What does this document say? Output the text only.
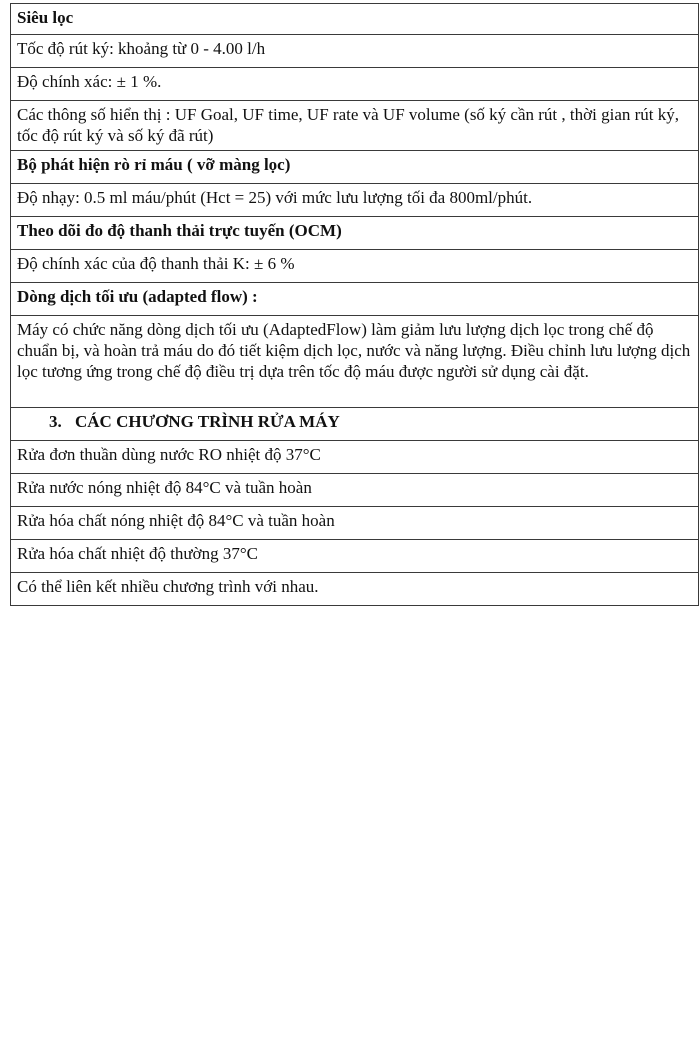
Siêu lọc
Tốc độ rút ký: khoảng từ 0 - 4.00 l/h
Độ chính xác: ± 1 %.
Các thông số hiển thị : UF Goal, UF time, UF rate và UF volume (số ký cần rút , thời gian rút ký, tốc độ rút ký và số ký đã rút)
Bộ phát hiện rò rỉ máu ( vỡ màng lọc)
Độ nhạy: 0.5 ml máu/phút (Hct = 25) với mức lưu lượng tối đa 800ml/phút.
Theo dõi đo độ thanh thải trực tuyến (OCM)
Độ chính xác của độ thanh thải K: ± 6 %
Dòng dịch tối ưu (adapted flow) :
Máy có chức năng dòng dịch tối ưu (AdaptedFlow) làm giảm lưu lượng dịch lọc trong chế độ chuẩn bị, và hoàn trả máu do đó tiết kiệm dịch lọc, nước và năng lượng. Điều chỉnh lưu lượng dịch lọc tương ứng trong chế độ điều trị dựa trên tốc độ máu được người sử dụng cài đặt.
3. CÁC CHƯƠNG TRÌNH RỬA MÁY
Rửa đơn thuần dùng nước RO nhiệt độ 37°C
Rửa nước nóng nhiệt độ 84°C và tuần hoàn
Rửa hóa chất nóng nhiệt độ 84°C và tuần hoàn
Rửa hóa chất nhiệt độ thường 37°C
Có thể liên kết nhiều chương trình với nhau.
